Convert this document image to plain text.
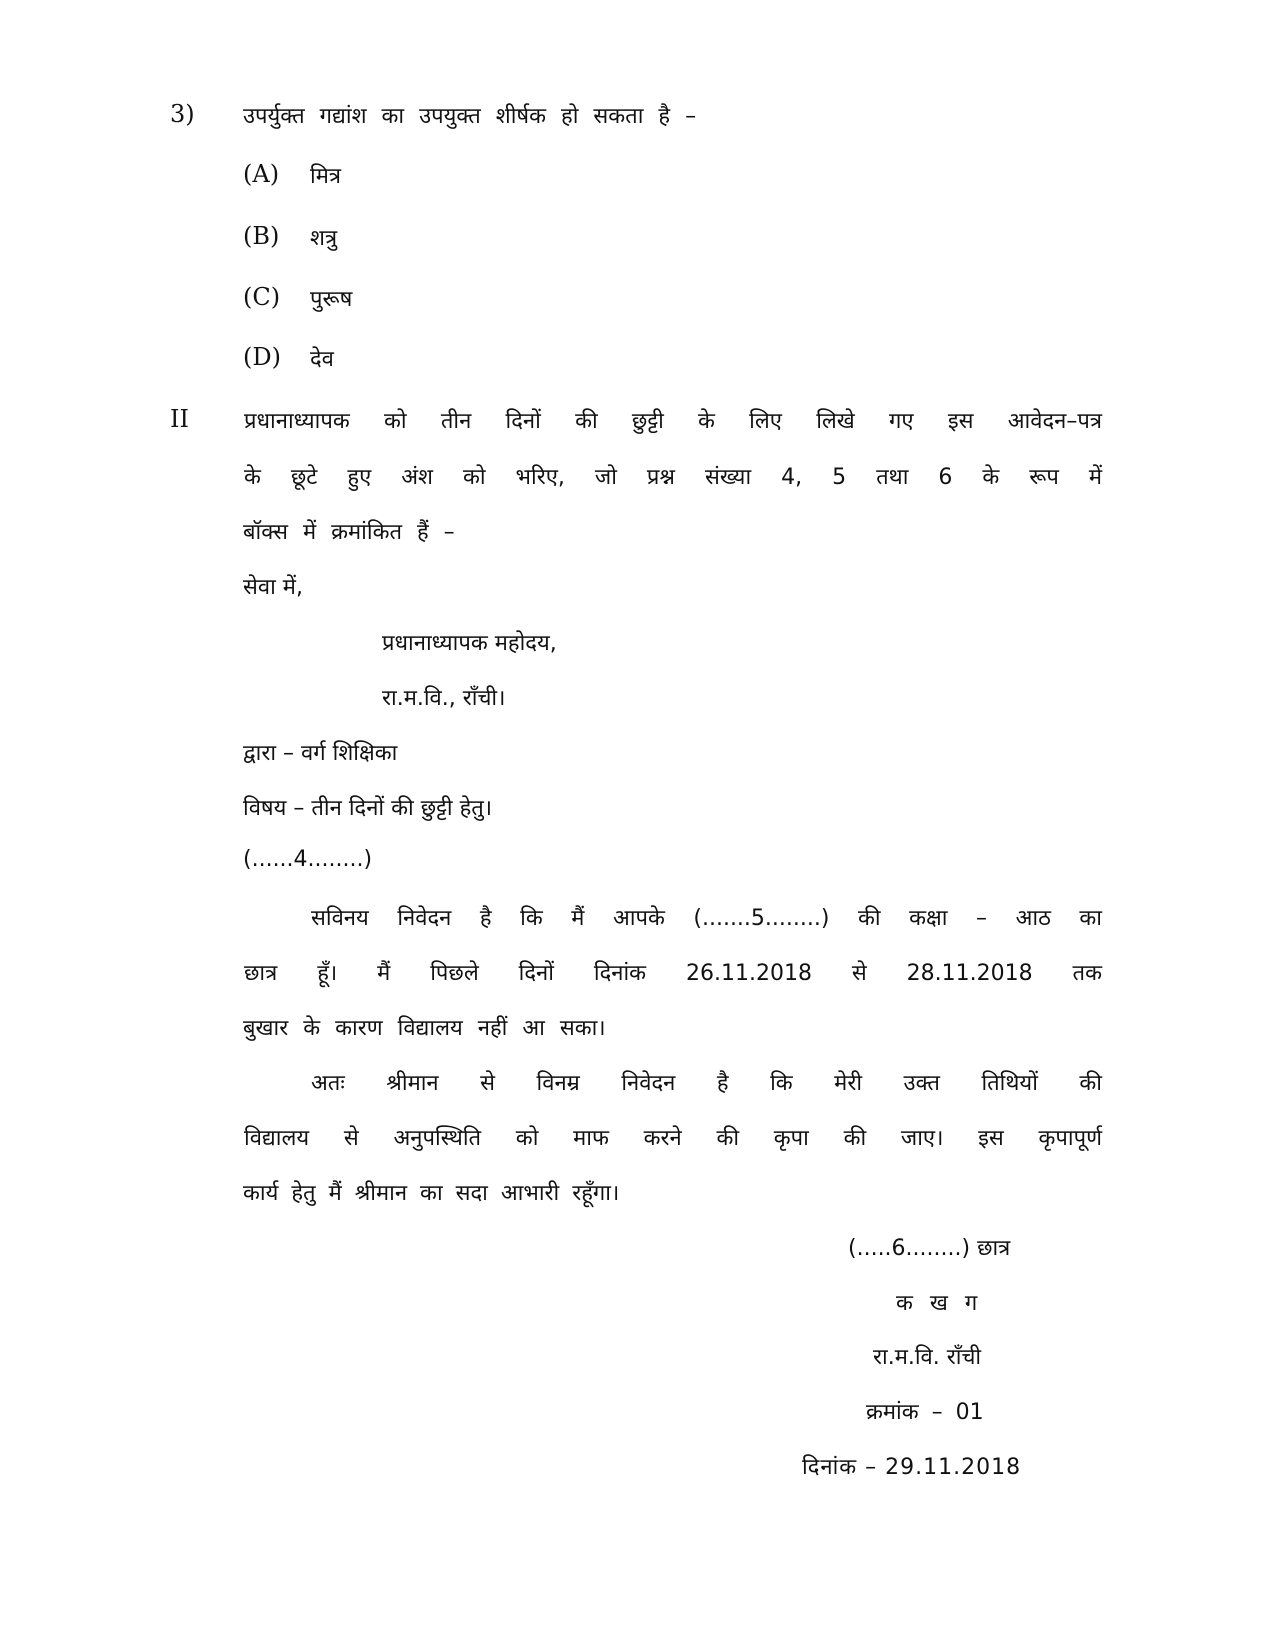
3) उपर्युक्त गद्यांश का उपयुक्त शीर्षक हो सकता है –
(A) मित्र
(B) शत्रु
(C) पुरूष
(D) देव
II	प्रधानाध्यापक को तीन दिनों की छुट्टी के लिए लिखे गए इस आवेदन–पत्र
के छूटे हुए अंश को भरिए, जो प्रश्न संख्या 4, 5 तथा 6 के रूप में
बॉक्स में क्रमांकित हैं –
सेवा में,
प्रधानाध्यापक महोदय,
रा.म.वि., राँची।
द्वारा – वर्ग शिक्षिका
विषय – तीन दिनों की छुट्टी हेतु।
(......4........)
सविनय निवेदन है कि मैं आपके (.......5........) की कक्षा – आठ का
छात्र हूँ। मैं पिछले दिनों दिनांक 26.11.2018 से 28.11.2018 तक
बुखार के कारण विद्यालय नहीं आ सका।
अतः श्रीमान से विनम्र निवेदन है कि मेरी उक्त तिथियों की
विद्यालय से अनुपस्थिति को माफ करने की कृपा की जाए। इस कृपापूर्ण
कार्य हेतु मैं श्रीमान का सदा आभारी रहूँगा।
(.....6........) छात्र
क ख ग
रा.म.वि. राँची
क्रमांक – 01
दिनांक – 29.11.2018
